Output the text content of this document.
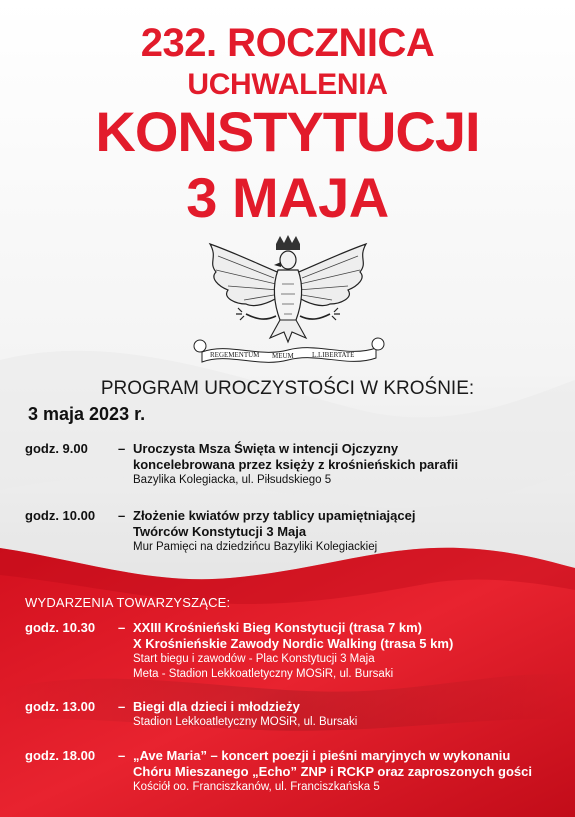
232. ROCZNICA
UCHWALENIA
KONSTYTUCJI
3 MAJA
REGEMENTUM MEUM	L.LIBERTATE
PROGRAM UROCZYSTOŚCI W KROŚNIE:
3 maja 2023 r.
godz. 9.00 – Uroczysta Msza Święta w intencji Ojczyzny
koncelebrowana przez księży z krośnieńskich parafii
Bazylika Kolegiacka, ul. Piłsudskiego 5
godz. 10.00 – Złożenie kwiatów przy tablicy upamiętniającej
Twórców Konstytucji 3 Maja
Mur Pamięci na dziedzińcu Bazyliki Kolegiackiej
WYDARZENIA TOWARZYSZĄCE:
godz. 10.30 – XXIII Krośnieński Bieg Konstytucji (trasa 7 km)
X Krośnieńskie Zawody Nordic Walking (trasa 5 km)
Start biegu i zawodów - Plac Konstytucji 3 Maja
Meta - Stadion Lekkoatletyczny MOSiR, ul. Bursaki
godz. 13.00 – Biegi dla dzieci i młodzieży
Stadion Lekkoatletyczny MOSiR, ul. Bursaki
godz. 18.00 – „Ave Maria” – koncert poezji i pieśni maryjnych w wykonaniu
Chóru Mieszanego „Echo” ZNP i RCKP oraz zaproszonych gości
Kościół oo. Franciszkanów, ul. Franciszkańska 5
